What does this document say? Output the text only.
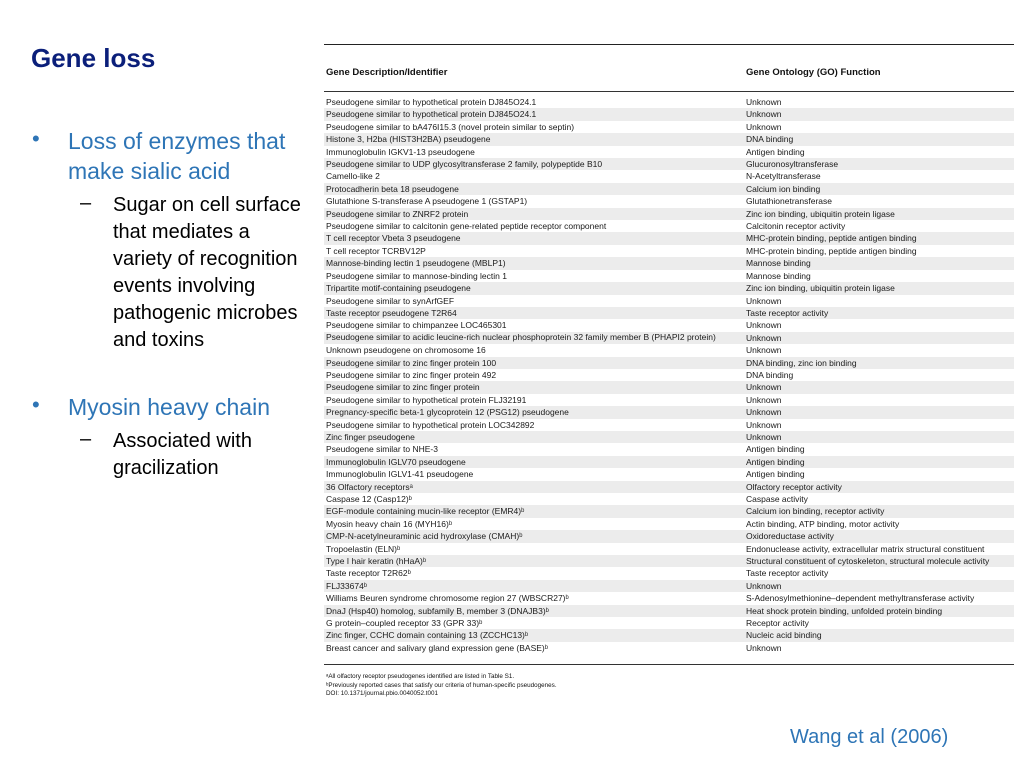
Gene loss
• Loss of enzymes that make sialic acid
– Sugar on cell surface that mediates a variety of recognition events involving pathogenic microbes and toxins
• Myosin heavy chain
– Associated with gracilization
Gene Description/Identifier	Gene Ontology (GO) Function
Pseudogene similar to hypothetical protein DJ845O24.1	Unknown
Pseudogene similar to hypothetical protein DJ845O24.1	Unknown
Pseudogene similar to bA476I15.3 (novel protein similar to septin)	Unknown
Histone 3, H2ba (HIST3H2BA) pseudogene	DNA binding
Immunoglobulin IGKV1-13 pseudogene	Antigen binding
Pseudogene similar to UDP glycosyltransferase 2 family, polypeptide B10	Glucuronosyltransferase
Camello-like 2	N-Acetyltransferase
Protocadherin beta 18 pseudogene	Calcium ion binding
Glutathione S-transferase A pseudogene 1 (GSTAP1)	Glutathionetransferase
Pseudogene similar to ZNRF2 protein	Zinc ion binding, ubiquitin protein ligase
Pseudogene similar to calcitonin gene-related peptide receptor component	Calcitonin receptor activity
T cell receptor Vbeta 3 pseudogene	MHC-protein binding, peptide antigen binding
T cell receptor TCRBV12P	MHC-protein binding, peptide antigen binding
Mannose-binding lectin 1 pseudogene (MBLP1)	Mannose binding
Pseudogene similar to mannose-binding lectin 1	Mannose binding
Tripartite motif-containing pseudogene	Zinc ion binding, ubiquitin protein ligase
Pseudogene similar to synArfGEF	Unknown
Taste receptor pseudogene T2R64	Taste receptor activity
Pseudogene similar to chimpanzee LOC465301	Unknown
Pseudogene similar to acidic leucine-rich nuclear phosphoprotein 32 family member B (PHAPI2 protein)	Unknown
Unknown pseudogene on chromosome 16	Unknown
Pseudogene similar to zinc finger protein 100	DNA binding, zinc ion binding
Pseudogene similar to zinc finger protein 492	DNA binding
Pseudogene similar to zinc finger protein	Unknown
Pseudogene similar to hypothetical protein FLJ32191	Unknown
Pregnancy-specific beta-1 glycoprotein 12 (PSG12) pseudogene	Unknown
Pseudogene similar to hypothetical protein LOC342892	Unknown
Zinc finger pseudogene	Unknown
Pseudogene similar to NHE-3	Antigen binding
Immunoglobulin IGLV70 pseudogene	Antigen binding
Immunoglobulin IGLV1-41 pseudogene	Antigen binding
36 Olfactory receptorsᵃ	Olfactory receptor activity
Caspase 12 (Casp12)ᵇ	Caspase activity
EGF-module containing mucin-like receptor (EMR4)ᵇ	Calcium ion binding, receptor activity
Myosin heavy chain 16 (MYH16)ᵇ	Actin binding, ATP binding, motor activity
CMP-N-acetylneuraminic acid hydroxylase (CMAH)ᵇ	Oxidoreductase activity
Tropoelastin (ELN)ᵇ	Endonuclease activity, extracellular matrix structural constituent
Type I hair keratin (hHaA)ᵇ	Structural constituent of cytoskeleton, structural molecule activity
Taste receptor T2R62ᵇ	Taste receptor activity
FLJ33674ᵇ	Unknown
Williams Beuren syndrome chromosome region 27 (WBSCR27)ᵇ	S-Adenosylmethionine–dependent methyltransferase activity
DnaJ (Hsp40) homolog, subfamily B, member 3 (DNAJB3)ᵇ	Heat shock protein binding, unfolded protein binding
G protein–coupled receptor 33 (GPR 33)ᵇ	Receptor activity
Zinc finger, CCHC domain containing 13 (ZCCHC13)ᵇ	Nucleic acid binding
Breast cancer and salivary gland expression gene (BASE)ᵇ	Unknown
ᵃAll olfactory receptor pseudogenes identified are listed in Table S1.
ᵇPreviously reported cases that satisfy our criteria of human-specific pseudogenes.
DOI: 10.1371/journal.pbio.0040052.t001
Wang et al (2006)
